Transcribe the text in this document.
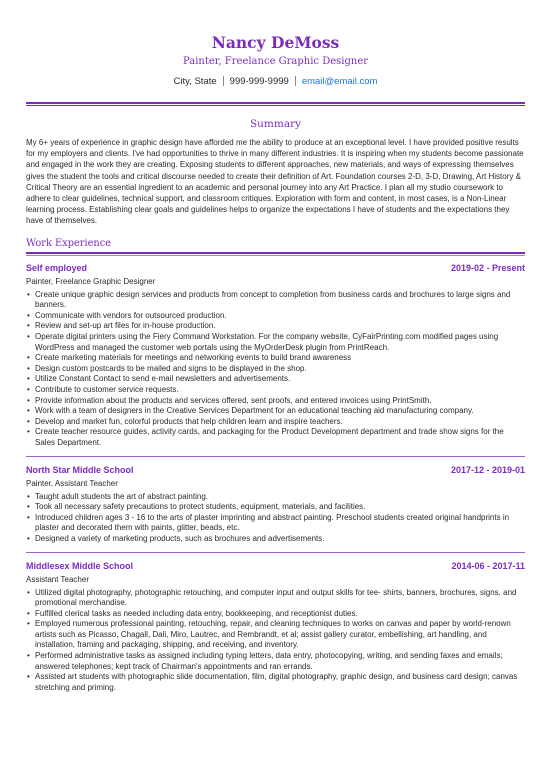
Nancy DeMoss
Painter, Freelance Graphic Designer
City, State 999-999-9999 email@email.com
Summary
My 6+ years of experience in graphic design have afforded me the ability to produce at an exceptional level. I have provided positive results for my employers and clients. I've had opportunities to thrive in many different industries. It is inspiring when my students become passionate and engaged in the work they are creating. Exposing students to different approaches, new materials, and ways of expressing themselves gives the student the tools and critical discourse needed to create their definition of Art. Foundation courses 2-D, 3-D, Drawing, Art History & Critical Theory are an essential ingredient to an academic and personal journey into any Art Practice. I plan all my studio coursework to adhere to clear guidelines, technical support, and classroom critiques. Exploration with form and content, in most cases, is a Non-Linear learning process. Establishing clear goals and guidelines helps to organize the expectations I have of students and the expectations they have of themselves.
Work Experience
Self employed	2019-02 - Present
Painter, Freelance Graphic Designer
• Create unique graphic design services and products from concept to completion from business cards and brochures to large signs and banners.
• Communicate with vendors for outsourced production.
• Review and set-up art files for in-house production.
• Operate digital printers using the Fiery Command Workstation. For the company website, CyFairPrinting.com modified pages using WordPress and managed the customer web portals using the MyOrderDesk plugin from PrintReach.
• Create marketing materials for meetings and networking events to build brand awareness
• Design custom postcards to be mailed and signs to be displayed in the shop.
• Utilize Constant Contact to send e-mail newsletters and advertisements.
• Contribute to customer service requests.
• Provide information about the products and services offered, sent proofs, and entered invoices using PrintSmith.
• Work with a team of designers in the Creative Services Department for an educational teaching aid manufacturing company.
• Develop and market fun, colorful products that help children learn and inspire teachers.
• Create teacher resource guides, activity cards, and packaging for the Product Development department and trade show signs for the Sales Department.
North Star Middle School	2017-12 - 2019-01
Painter, Assistant Teacher
• Taught adult students the art of abstract painting.
• Took all necessary safety precautions to protect students, equipment, materials, and facilities.
• Introduced children ages 3 - 16 to the arts of plaster imprinting and abstract painting. Preschool students created original handprints in plaster and decorated them with paints, glitter, beads, etc.
• Designed a variety of marketing products, such as brochures and advertisements.
Middlesex Middle School	2014-06 - 2017-11
Assistant Teacher
• Utilized digital photography, photographic retouching, and computer input and output skills for tee- shirts, banners, brochures, signs, and promotional merchandise.
• Fulfilled clerical tasks as needed including data entry, bookkeeping, and receptionist duties.
• Employed numerous professional painting, retouching, repair, and cleaning techniques to works on canvas and paper by world-renown artists such as Picasso, Chagall, Dali, Miro, Lautrec, and Rembrandt, et al; assist gallery curator, embellishing, art handling, and installation, framing and packaging, shipping, and receiving, and inventory.
• Performed administrative tasks as assigned including typing letters, data entry, photocopying, writing, and sending faxes and emails; answered telephones; kept track of Chairman's appointments and ran errands.
• Assisted art students with photographic slide documentation, film, digital photography, graphic design, and business card design; canvas stretching and priming.
